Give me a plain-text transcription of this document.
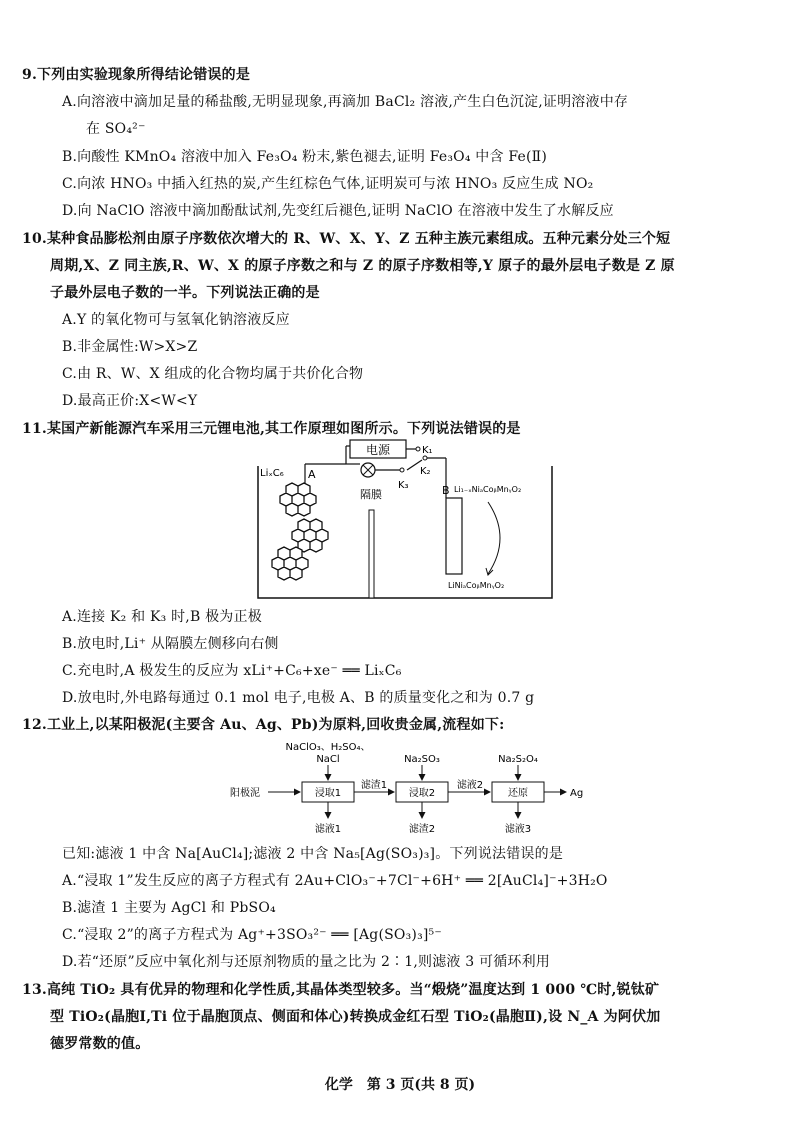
9.下列由实验现象所得结论错误的是
A.向溶液中滴加足量的稀盐酸,无明显现象,再滴加 BaCl₂ 溶液,产生白色沉淀,证明溶液中存
在 SO₄²⁻
B.向酸性 KMnO₄ 溶液中加入 Fe₃O₄ 粉末,紫色褪去,证明 Fe₃O₄ 中含 Fe(Ⅱ)
C.向浓 HNO₃ 中插入红热的炭,产生红棕色气体,证明炭可与浓 HNO₃ 反应生成 NO₂
D.向 NaClO 溶液中滴加酚酞试剂,先变红后褪色,证明 NaClO 在溶液中发生了水解反应
10.某种食品膨松剂由原子序数依次增大的 R、W、X、Y、Z 五种主族元素组成。五种元素分处三个短
周期,X、Z 同主族,R、W、X 的原子序数之和与 Z 的原子序数相等,Y 原子的最外层电子数是 Z 原
子最外层电子数的一半。下列说法正确的是
A.Y 的氧化物可与氢氧化钠溶液反应
B.非金属性:W>X>Z
C.由 R、W、X 组成的化合物均属于共价化合物
D.最高正价:X<W<Y
11.某国产新能源汽车采用三元锂电池,其工作原理如图所示。下列说法错误的是
电源	K₁
K₃
K₂
LiₓC₆ A
隔膜	B Li₁₋ₓNiₐCoᵦMnᵧO₂
LiNiₐCoᵦMnᵧO₂
A.连接 K₂ 和 K₃ 时,B 极为正极
B.放电时,Li⁺ 从隔膜左侧移向右侧
C.充电时,A 极发生的反应为 xLi⁺+C₆+xe⁻ ══ LiₓC₆
D.放电时,外电路每通过 0.1 mol 电子,电极 A、B 的质量变化之和为 0.7 g
12.工业上,以某阳极泥(主要含 Au、Ag、Pb)为原料,回收贵金属,流程如下:
NaClO₃、H₂SO₄、
NaCl	Na₂SO₃	Na₂S₂O₄
阳极泥	浸取1
滤渣1
浸取2
滤液2
还原	Ag
滤液1	滤渣2	滤液3
已知:滤液 1 中含 Na[AuCl₄];滤液 2 中含 Na₅[Ag(SO₃)₃]。下列说法错误的是
A.“浸取 1”发生反应的离子方程式有 2Au+ClO₃⁻+7Cl⁻+6H⁺ ══ 2[AuCl₄]⁻+3H₂O
B.滤渣 1 主要为 AgCl 和 PbSO₄
C.“浸取 2”的离子方程式为 Ag⁺+3SO₃²⁻ ══ [Ag(SO₃)₃]⁵⁻
D.若“还原”反应中氧化剂与还原剂物质的量之比为 2∶1,则滤液 3 可循环利用
13.高纯 TiO₂ 具有优异的物理和化学性质,其晶体类型较多。当“煅烧”温度达到 1 000 ℃时,锐钛矿
型 TiO₂(晶胞Ⅰ,Ti 位于晶胞顶点、侧面和体心)转换成金红石型 TiO₂(晶胞Ⅱ),设 N_A 为阿伏加
德罗常数的值。
化学　第 3 页(共 8 页)
